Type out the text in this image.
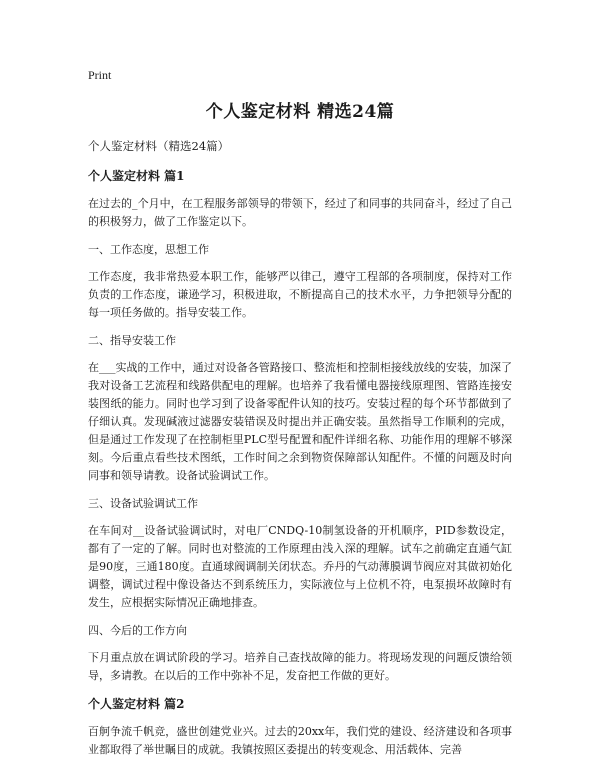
Print
个人鉴定材料 精选24篇
个人鉴定材料（精选24篇）
个人鉴定材料 篇1

在过去的_个月中，在工程服务部领导的带领下，经过了和同事的共同奋斗，经过了自己的积极努力，做了工作鉴定以下。

一、工作态度，思想工作

工作态度，我非常热爱本职工作，能够严以律己，遵守工程部的各项制度，保持对工作负责的工作态度，谦逊学习，积极进取，不断提高自己的技术水平，力争把领导分配的每一项任务做的。指导安装工作。

二、指导安装工作

在___实战的工作中，通过对设备各管路接口、整流柜和控制柜接线放线的安装，加深了我对设备工艺流程和线路供配电的理解。也培养了我看懂电器接线原理图、管路连接安装图纸的能力。同时也学习到了设备零配件认知的技巧。安装过程的每个环节都做到了仔细认真。发现碱液过滤器安装错误及时提出并正确安装。虽然指导工作顺利的完成，但是通过工作发现了在控制柜里PLC型号配置和配件详细名称、功能作用的理解不够深刻。今后重点看些技术图纸，工作时间之余到物资保障部认知配件。不懂的问题及时向同事和领导请教。设备试验调试工作。

三、设备试验调试工作

在车间对__设备试验调试时，对电厂CNDQ-10制氢设备的开机顺序，PID参数设定，都有了一定的了解。同时也对整流的工作原理由浅入深的理解。试车之前确定直通气缸是90度，三通180度。直通球阀调制关闭状态。乔丹的气动薄膜调节阀应对其做初始化调整，调试过程中像设备达不到系统压力，实际液位与上位机不符，电泵损坏故障时有发生，应根据实际情况正确地排查。

四、今后的工作方向

下月重点放在调试阶段的学习。培养自己查找故障的能力。将现场发现的问题反馈给领导，多请教。在以后的工作中弥补不足，发奋把工作做的更好。

个人鉴定材料 篇2

百舸争流千帆竞，盛世创建党业兴。过去的20xx年，我们党的建设、经济建设和各项事业都取得了举世瞩目的成就。我镇按照区委提出的转变观念、用活载体、完善
